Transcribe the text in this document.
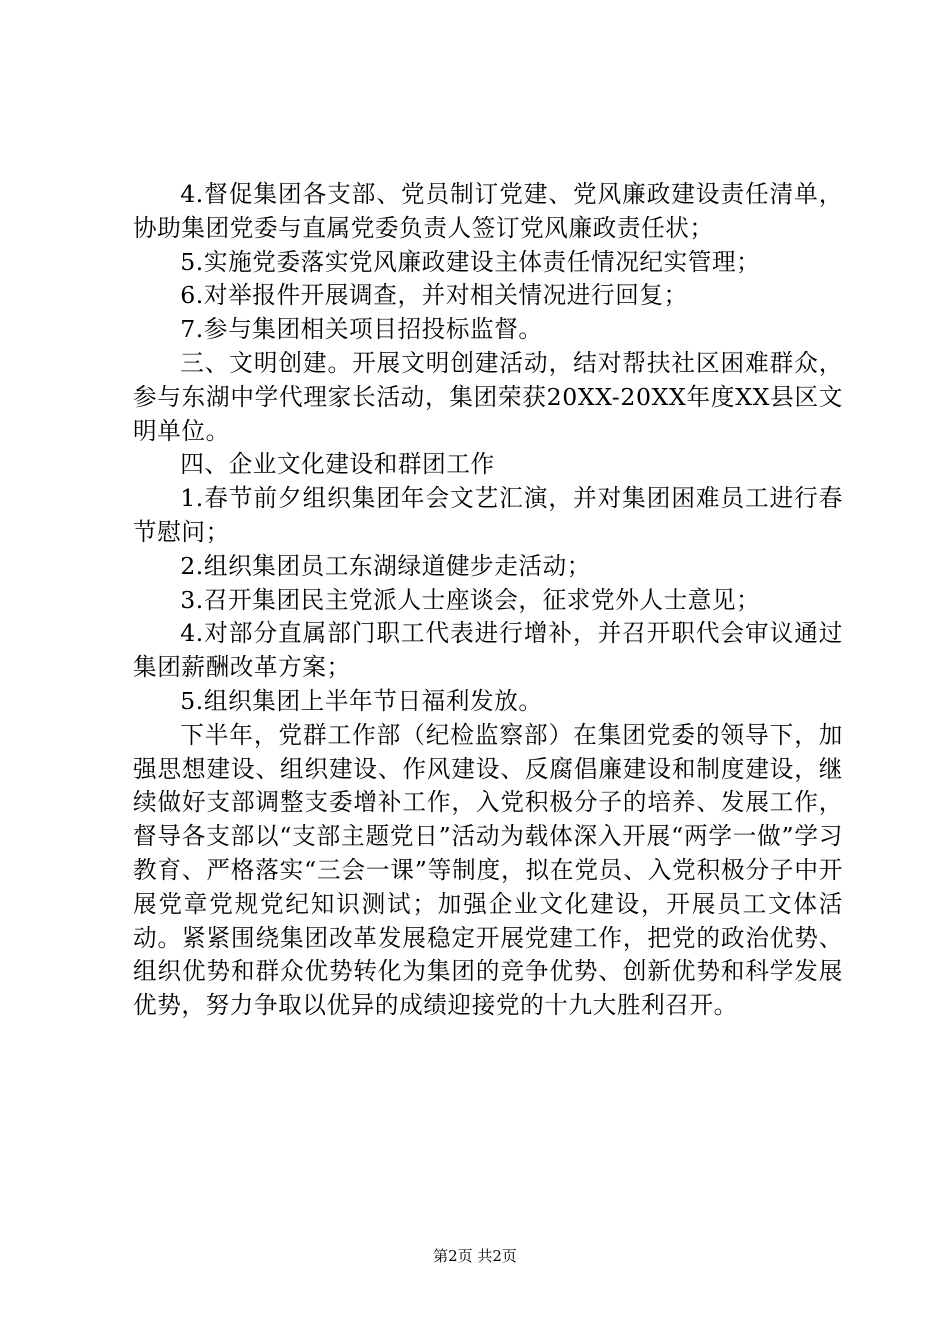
4.督促集团各支部、党员制订党建、党风廉政建设责任清单，协助集团党委与直属党委负责人签订党风廉政责任状；

5.实施党委落实党风廉政建设主体责任情况纪实管理；

6.对举报件开展调查，并对相关情况进行回复；

7.参与集团相关项目招投标监督。

三、文明创建。开展文明创建活动，结对帮扶社区困难群众，参与东湖中学代理家长活动，集团荣获20XX-20XX年度XX县区文明单位。

四、企业文化建设和群团工作

1.春节前夕组织集团年会文艺汇演，并对集团困难员工进行春节慰问；

2.组织集团员工东湖绿道健步走活动；

3.召开集团民主党派人士座谈会，征求党外人士意见；

4.对部分直属部门职工代表进行增补，并召开职代会审议通过集团薪酬改革方案；

5.组织集团上半年节日福利发放。

下半年，党群工作部（纪检监察部）在集团党委的领导下，加强思想建设、组织建设、作风建设、反腐倡廉建设和制度建设，继续做好支部调整支委增补工作，入党积极分子的培养、发展工作，督导各支部以“支部主题党日”活动为载体深入开展“两学一做”学习教育、严格落实“三会一课”等制度，拟在党员、入党积极分子中开展党章党规党纪知识测试；加强企业文化建设，开展员工文体活动。紧紧围绕集团改革发展稳定开展党建工作，把党的政治优势、组织优势和群众优势转化为集团的竞争优势、创新优势和科学发展优势，努力争取以优异的成绩迎接党的十九大胜利召开。

第2页 共2页
